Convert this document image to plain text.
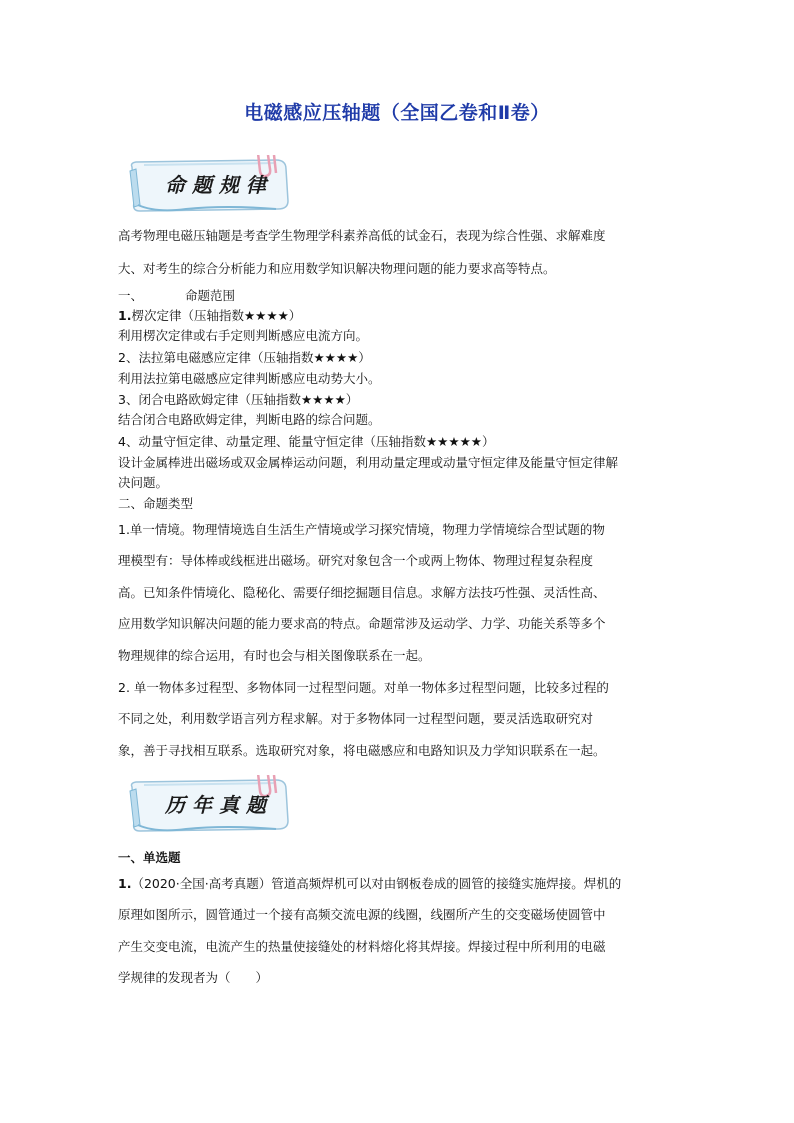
电磁感应压轴题（全国乙卷和Ⅱ卷）
命题规律
高考物理电磁压轴题是考查学生物理学科素养高低的试金石，表现为综合性强、求解难度
大、对考生的综合分析能力和应用数学知识解决物理问题的能力要求高等特点。
一、	命题范围
1.楞次定律（压轴指数★★★★）
利用楞次定律或右手定则判断感应电流方向。
2、法拉第电磁感应定律（压轴指数★★★★）
利用法拉第电磁感应定律判断感应电动势大小。
3、闭合电路欧姆定律（压轴指数★★★★）
结合闭合电路欧姆定律，判断电路的综合问题。
4、动量守恒定律、动量定理、能量守恒定律（压轴指数★★★★★）
设计金属棒进出磁场或双金属棒运动问题，利用动量定理或动量守恒定律及能量守恒定律解
决问题。
二、命题类型
1.单一情境。物理情境选自生活生产情境或学习探究情境，物理力学情境综合型试题的物
理模型有：导体棒或线框进出磁场。研究对象包含一个或两上物体、物理过程复杂程度
高。已知条件情境化、隐秘化、需要仔细挖掘题目信息。求解方法技巧性强、灵活性高、
应用数学知识解决问题的能力要求高的特点。命题常涉及运动学、力学、功能关系等多个
物理规律的综合运用，有时也会与相关图像联系在一起。
2. 单一物体多过程型、多物体同一过程型问题。对单一物体多过程型问题，比较多过程的
不同之处，利用数学语言列方程求解。对于多物体同一过程型问题，要灵活选取研究对
象，善于寻找相互联系。选取研究对象，将电磁感应和电路知识及力学知识联系在一起。
历年真题
一、单选题
1.（2020·全国·高考真题）管道高频焊机可以对由钢板卷成的圆管的接缝实施焊接。焊机的
原理如图所示，圆管通过一个接有高频交流电源的线圈，线圈所产生的交变磁场使圆管中
产生交变电流，电流产生的热量使接缝处的材料熔化将其焊接。焊接过程中所利用的电磁
学规律的发现者为（　　）
